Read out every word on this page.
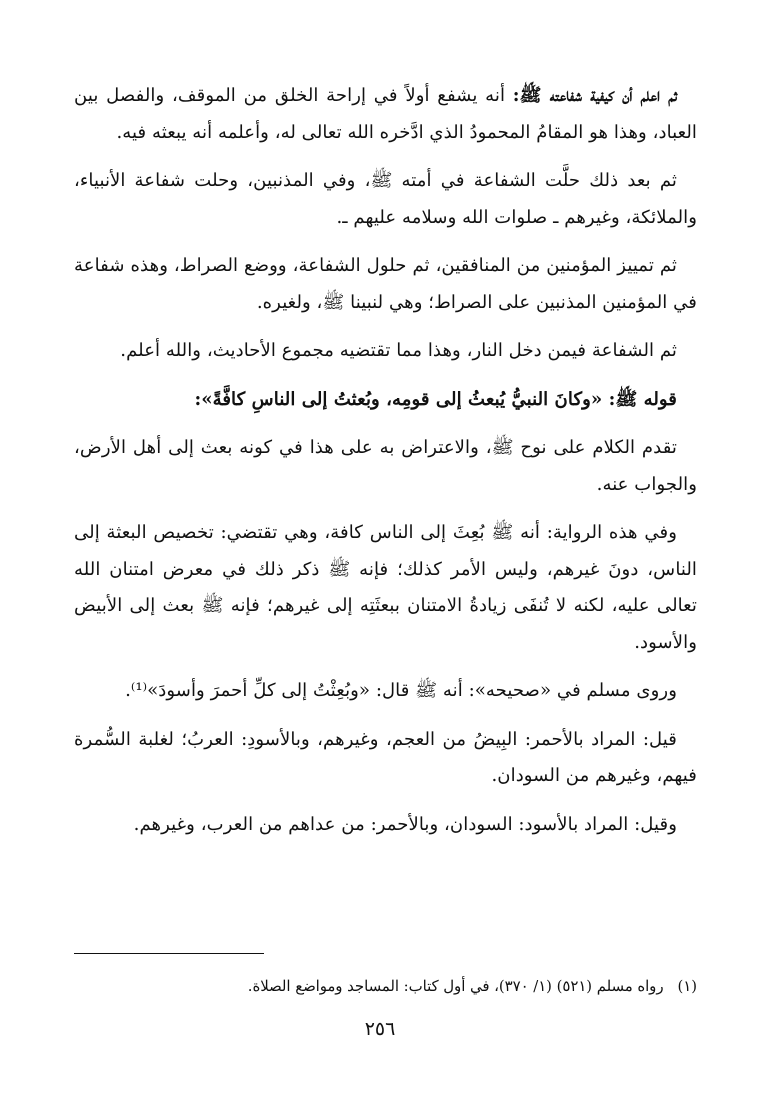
ثم اعلم أن كيفية شفاعته ﷺ: أنه يشفع أولاً في إراحة الخلق من الموقف، والفصل بين العباد، وهذا هو المقامُ المحمودُ الذي ادَّخره الله تعالى له، وأعلمه أنه يبعثه فيه.

ثم بعد ذلك حلَّت الشفاعة في أمته ﷺ، وفي المذنبين، وحلت شفاعة الأنبياء، والملائكة، وغيرهم ـ صلوات الله وسلامه عليهم ـ.

ثم تمييز المؤمنين من المنافقين، ثم حلول الشفاعة، ووضع الصراط، وهذه شفاعة في المؤمنين المذنبين على الصراط؛ وهي لنبينا ﷺ، ولغيره.

ثم الشفاعة فيمن دخل النار، وهذا مما تقتضيه مجموع الأحاديث، والله أعلم.

قوله ﷺ: «وكانَ النبيُّ يُبعثُ إلى قومِه، وبُعثتُ إلى الناسِ كافَّةً»:

تقدم الكلام على نوح ﷺ، والاعتراض به على هذا في كونه بعث إلى أهل الأرض، والجواب عنه.

وفي هذه الرواية: أنه ﷺ بُعِثَ إلى الناس كافة، وهي تقتضي: تخصيص البعثة إلى الناس، دونَ غيرهم، وليس الأمر كذلك؛ فإنه ﷺ ذكر ذلك في معرض امتنان الله تعالى عليه، لكنه لا تُنفَى زيادةُ الامتنان ببعثَتِه إلى غيرهم؛ فإنه ﷺ بعث إلى الأبيض والأسود.

وروى مسلم في «صحيحه»: أنه ﷺ قال: «وبُعِثْتُ إلى كلِّ أحمرَ وأسودَ»⁽¹⁾.

قيل: المراد بالأحمر: البِيضُ من العجم، وغيرهم، وبالأسودِ: العربُ؛ لغلبة السُّمرة فيهم، وغيرهم من السودان.

وقيل: المراد بالأسود: السودان، وبالأحمر: من عداهم من العرب، وغيرهم.

(١)رواه مسلم (٥٢١) (١/ ٣٧٠)، في أول كتاب: المساجد ومواضع الصلاة.
٢٥٦
